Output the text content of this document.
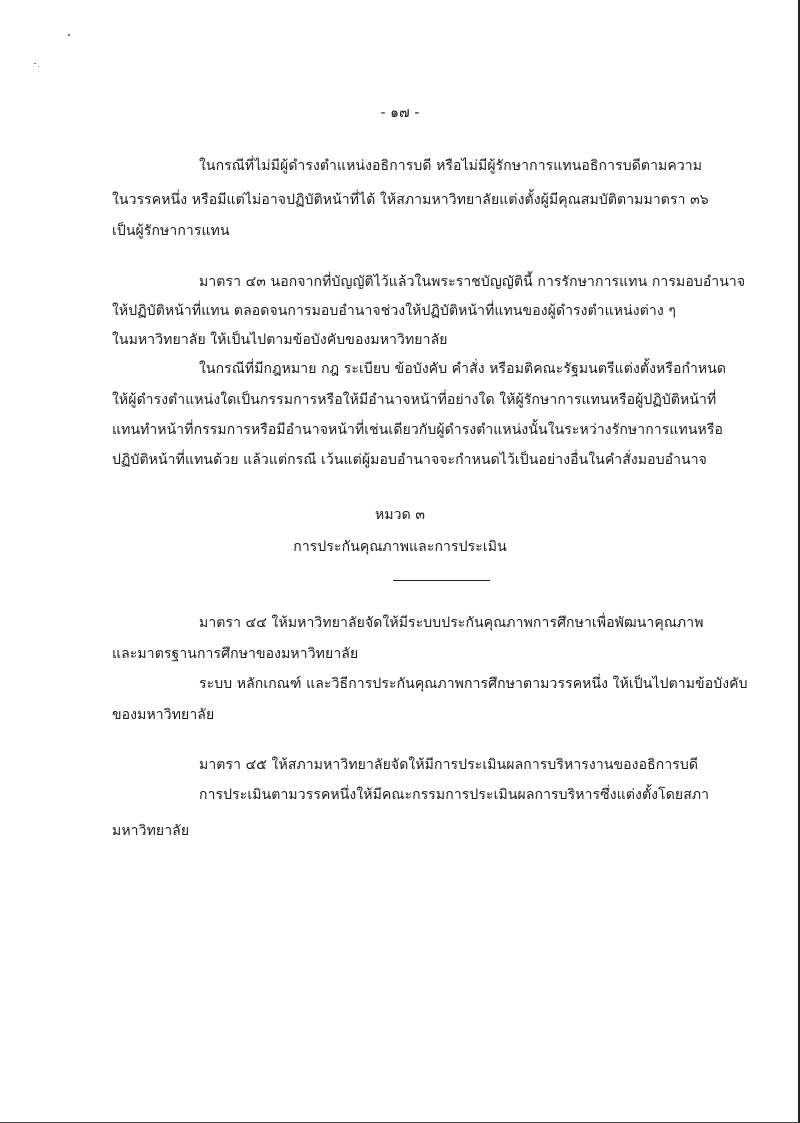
- ๑๗ -
ในกรณีที่ไม่มีผู้ดำรงตำแหน่งอธิการบดี หรือไม่มีผู้รักษาการแทนอธิการบดีตามความ
ในวรรคหนึ่ง หรือมีแต่ไม่อาจปฏิบัติหน้าที่ได้ ให้สภามหาวิทยาลัยแต่งตั้งผู้มีคุณสมบัติตามมาตรา ๓๖
เป็นผู้รักษาการแทน
มาตรา ๔๓ นอกจากที่บัญญัติไว้แล้วในพระราชบัญญัตินี้ การรักษาการแทน การมอบอำนาจ
ให้ปฏิบัติหน้าที่แทน ตลอดจนการมอบอำนาจช่วงให้ปฏิบัติหน้าที่แทนของผู้ดำรงตำแหน่งต่าง ๆ
ในมหาวิทยาลัย ให้เป็นไปตามข้อบังคับของมหาวิทยาลัย
ในกรณีที่มีกฎหมาย กฎ ระเบียบ ข้อบังคับ คำสั่ง หรือมติคณะรัฐมนตรีแต่งตั้งหรือกำหนด
ให้ผู้ดำรงตำแหน่งใดเป็นกรรมการหรือให้มีอำนาจหน้าที่อย่างใด ให้ผู้รักษาการแทนหรือผู้ปฏิบัติหน้าที่
แทนทำหน้าที่กรรมการหรือมีอำนาจหน้าที่เช่นเดียวกับผู้ดำรงตำแหน่งนั้นในระหว่างรักษาการแทนหรือ
ปฏิบัติหน้าที่แทนด้วย แล้วแต่กรณี เว้นแต่ผู้มอบอำนาจจะกำหนดไว้เป็นอย่างอื่นในคำสั่งมอบอำนาจ
หมวด ๓
การประกันคุณภาพและการประเมิน
มาตรา ๔๔ ให้มหาวิทยาลัยจัดให้มีระบบประกันคุณภาพการศึกษาเพื่อพัฒนาคุณภาพ
และมาตรฐานการศึกษาของมหาวิทยาลัย
ระบบ หลักเกณฑ์ และวิธีการประกันคุณภาพการศึกษาตามวรรคหนึ่ง ให้เป็นไปตามข้อบังคับ
ของมหาวิทยาลัย
มาตรา ๔๕ ให้สภามหาวิทยาลัยจัดให้มีการประเมินผลการบริหารงานของอธิการบดี
การประเมินตามวรรคหนึ่งให้มีคณะกรรมการประเมินผลการบริหารซึ่งแต่งตั้งโดยสภา
มหาวิทยาลัย
